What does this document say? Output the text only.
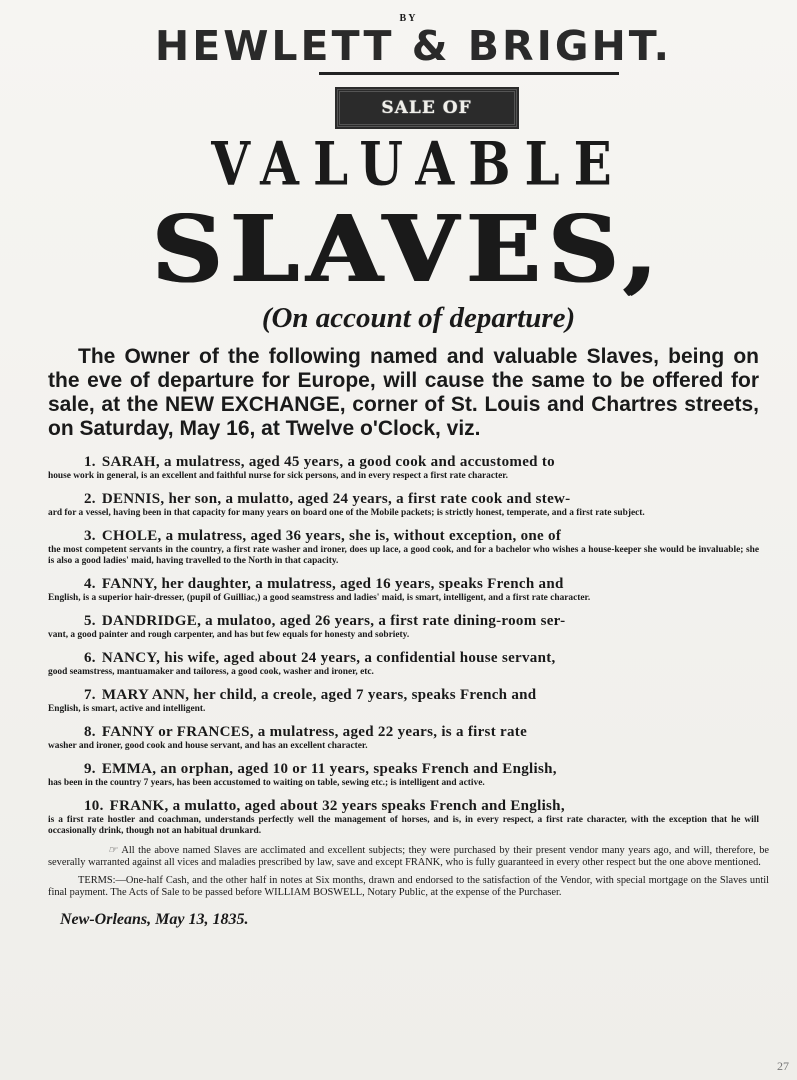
BY
HEWLETT & BRIGHT.
SALE OF
VALUABLE
SLAVES,
(On account of departure)
The Owner of the following named and valuable Slaves, being on the eve of departure for Europe, will cause the same to be offered for sale, at the NEW EXCHANGE, corner of St. Louis and Chartres streets, on Saturday, May 16, at Twelve o'Clock, viz.
1. SARAH, a mulatress, aged 45 years, a good cook and accustomed to
house work in general, is an excellent and faithful nurse for sick persons, and in every respect a first rate character.
2. DENNIS, her son, a mulatto, aged 24 years, a first rate cook and stew-
ard for a vessel, having been in that capacity for many years on board one of the Mobile packets; is strictly honest, temperate, and a first rate subject.
3. CHOLE, a mulatress, aged 36 years, she is, without exception, one of
the most competent servants in the country, a first rate washer and ironer, does up lace, a good cook, and for a bachelor who wishes a house-keeper she would be invaluable; she is also a good ladies' maid, having travelled to the North in that capacity.
4. FANNY, her daughter, a mulatress, aged 16 years, speaks French and
English, is a superior hair-dresser, (pupil of Guilliac,) a good seamstress and ladies' maid, is smart, intelligent, and a first rate character.
5. DANDRIDGE, a mulatoo, aged 26 years, a first rate dining-room ser-
vant, a good painter and rough carpenter, and has but few equals for honesty and sobriety.
6. NANCY, his wife, aged about 24 years, a confidential house servant,
good seamstress, mantuamaker and tailoress, a good cook, washer and ironer, etc.
7. MARY ANN, her child, a creole, aged 7 years, speaks French and
English, is smart, active and intelligent.
8. FANNY or FRANCES, a mulatress, aged 22 years, is a first rate
washer and ironer, good cook and house servant, and has an excellent character.
9. EMMA, an orphan, aged 10 or 11 years, speaks French and English,
has been in the country 7 years, has been accustomed to waiting on table, sewing etc.; is intelligent and active.
10. FRANK, a mulatto, aged about 32 years speaks French and English,
is a first rate hostler and coachman, understands perfectly well the management of horses, and is, in every respect, a first rate character, with the exception that he will occasionally drink, though not an habitual drunkard.
☞ All the above named Slaves are acclimated and excellent subjects; they were purchased by their present vendor many years ago, and will, therefore, be severally warranted against all vices and maladies prescribed by law, save and except FRANK, who is fully guaranteed in every other respect but the one above mentioned.
TERMS:—One-half Cash, and the other half in notes at Six months, drawn and endorsed to the satisfaction of the Vendor, with special mortgage on the Slaves until final payment. The Acts of Sale to be passed before WILLIAM BOSWELL, Notary Public, at the expense of the Purchaser.
New-Orleans, May 13, 1835.
27
